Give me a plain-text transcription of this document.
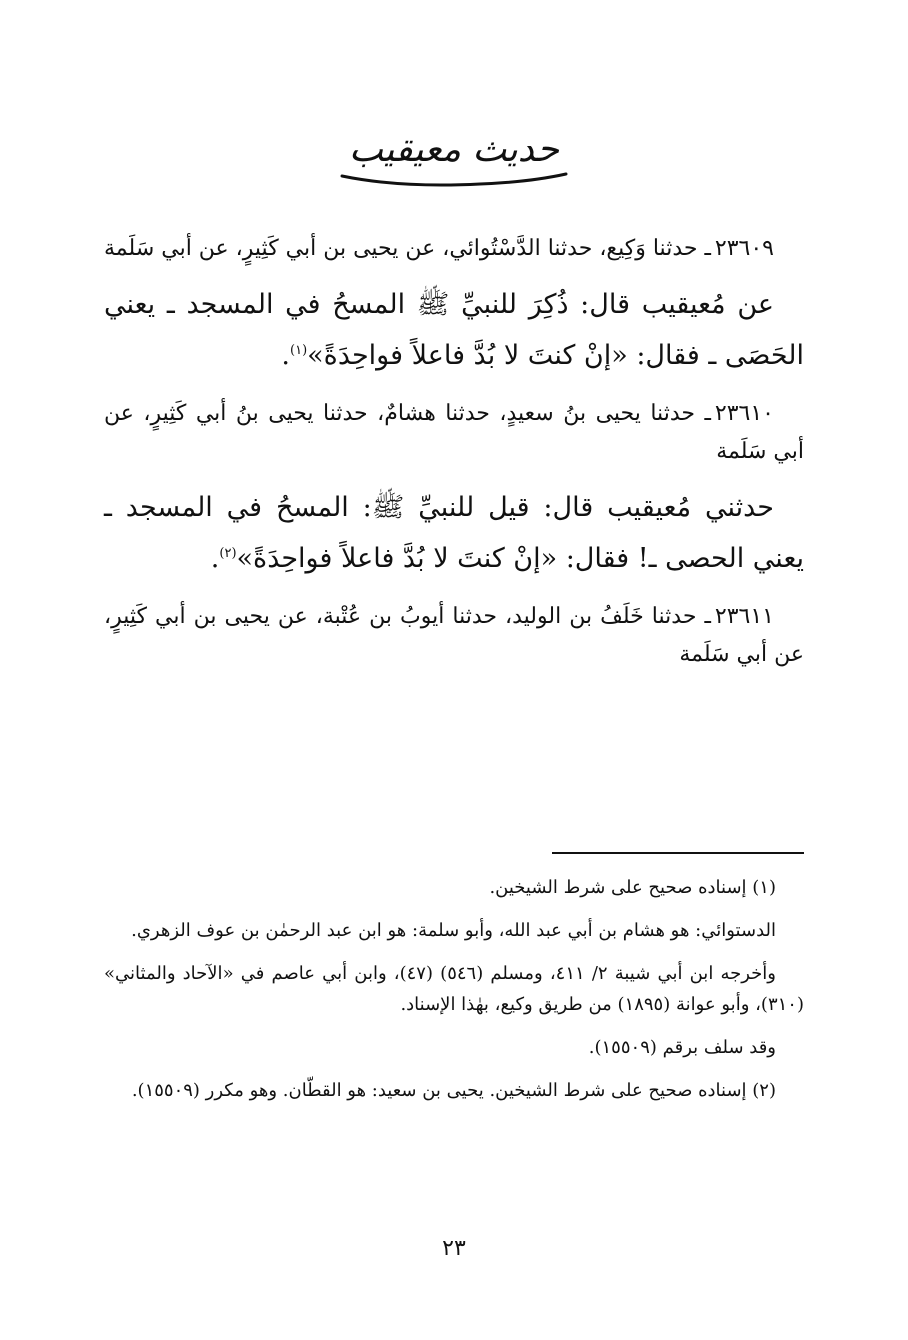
حديث معيقيب

٢٣٦٠٩ـ حدثنا وَكِيع، حدثنا الدَّسْتُوائي، عن يحيى بن أبي كَثِيرٍ، عن أبي سَلَمة

عن مُعيقيب قال: ذُكِرَ للنبيِّ ﷺ المسحُ في المسجد ـ يعني الحَصَى ـ فقال: «إنْ كنتَ لا بُدَّ فاعلاً فواحِدَةً»$^{(١)}$.

٢٣٦١٠ـ حدثنا يحيى بنُ سعيدٍ، حدثنا هشامٌ، حدثنا يحيى بنُ أبي كَثِيرٍ، عن أبي سَلَمة

حدثني مُعيقيب قال: قيل للنبيِّ ﷺ: المسحُ في المسجد ـ يعني الحصى ـ! فقال: «إنْ كنتَ لا بُدَّ فاعلاً فواحِدَةً»$^{(٢)}$.

٢٣٦١١ـ حدثنا خَلَفُ بن الوليد، حدثنا أيوبُ بن عُتْبة، عن يحيى بن أبي كَثِيرٍ، عن أبي سَلَمة

(١) إسناده صحيح على شرط الشيخين.

الدستوائي: هو هشام بن أبي عبد الله، وأبو سلمة: هو ابن عبد الرحمٰن بن عوف الزهري.

وأخرجه ابن أبي شيبة ٢/ ٤١١، ومسلم (٥٤٦) (٤٧)، وابن أبي عاصم في «الآحاد والمثاني» (٣١٠)، وأبو عوانة (١٨٩٥) من طريق وكيع، بهٰذا الإسناد.

وقد سلف برقم (١٥٥٠٩).

(٢) إسناده صحيح على شرط الشيخين. يحيى بن سعيد: هو القطّان. وهو مكرر (١٥٥٠٩).

٢٣
